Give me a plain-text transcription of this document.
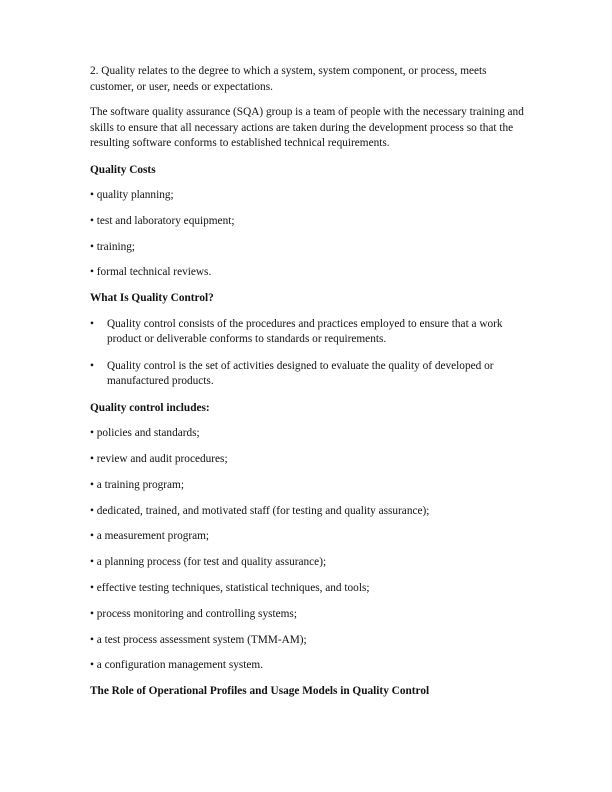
2. Quality relates to the degree to which a system, system component, or process, meets customer, or user, needs or expectations.

The software quality assurance (SQA) group is a team of people with the necessary training and skills to ensure that all necessary actions are taken during the development process so that the resulting software conforms to established technical requirements.

Quality Costs

• quality planning;

• test and laboratory equipment;

• training;

• formal technical reviews.

What Is Quality Control?

• Quality control consists of the procedures and practices employed to ensure that a work product or deliverable conforms to standards or requirements.
• Quality control is the set of activities designed to evaluate the quality of developed or manufactured products.

Quality control includes:

• policies and standards;

• review and audit procedures;

• a training program;

• dedicated, trained, and motivated staff (for testing and quality assurance);

• a measurement program;

• a planning process (for test and quality assurance);

• effective testing techniques, statistical techniques, and tools;

• process monitoring and controlling systems;

• a test process assessment system (TMM-AM);

• a configuration management system.

The Role of Operational Profiles and Usage Models in Quality Control
